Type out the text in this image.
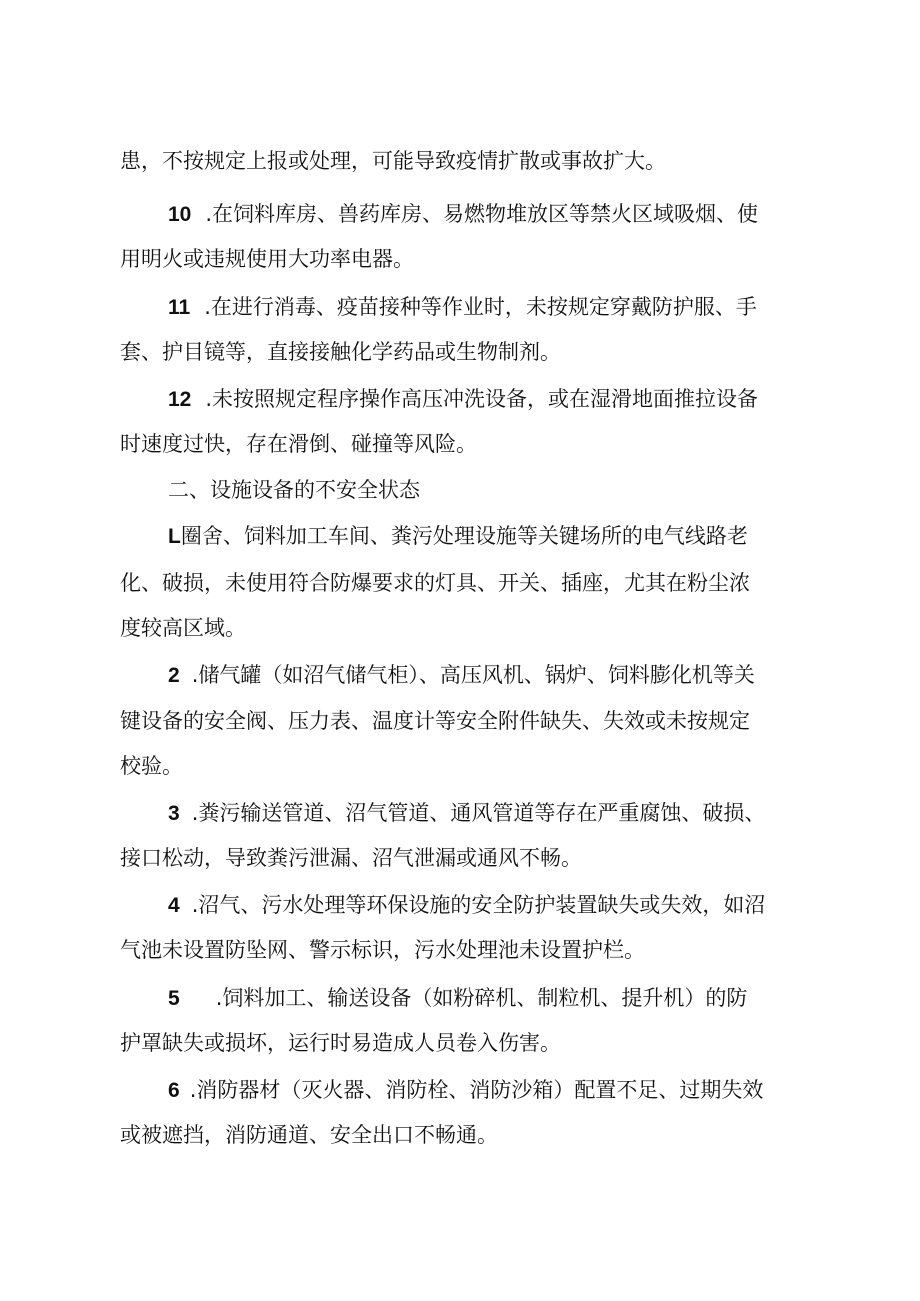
患，不按规定上报或处理，可能导致疫情扩散或事故扩大。
10 .在饲料库房、兽药库房、易燃物堆放区等禁火区域吸烟、使
用明火或违规使用大功率电器。
11 .在进行消毒、疫苗接种等作业时，未按规定穿戴防护服、手
套、护目镜等，直接接触化学药品或生物制剂。
12 .未按照规定程序操作高压冲洗设备，或在湿滑地面推拉设备
时速度过快，存在滑倒、碰撞等风险。
二、设施设备的不安全状态
L圈舍、饲料加工车间、粪污处理设施等关键场所的电气线路老
化、破损，未使用符合防爆要求的灯具、开关、插座，尤其在粉尘浓
度较高区域。
2 .储气罐（如沼气储气柜）、高压风机、锅炉、饲料膨化机等关
键设备的安全阀、压力表、温度计等安全附件缺失、失效或未按规定
校验。
3 .粪污输送管道、沼气管道、通风管道等存在严重腐蚀、破损、
接口松动，导致粪污泄漏、沼气泄漏或通风不畅。
4 .沼气、污水处理等环保设施的安全防护装置缺失或失效，如沼
气池未设置防坠网、警示标识，污水处理池未设置护栏。
5 .饲料加工、输送设备（如粉碎机、制粒机、提升机）的防
护罩缺失或损坏，运行时易造成人员卷入伤害。
6 .消防器材（灭火器、消防栓、消防沙箱）配置不足、过期失效
或被遮挡，消防通道、安全出口不畅通。
